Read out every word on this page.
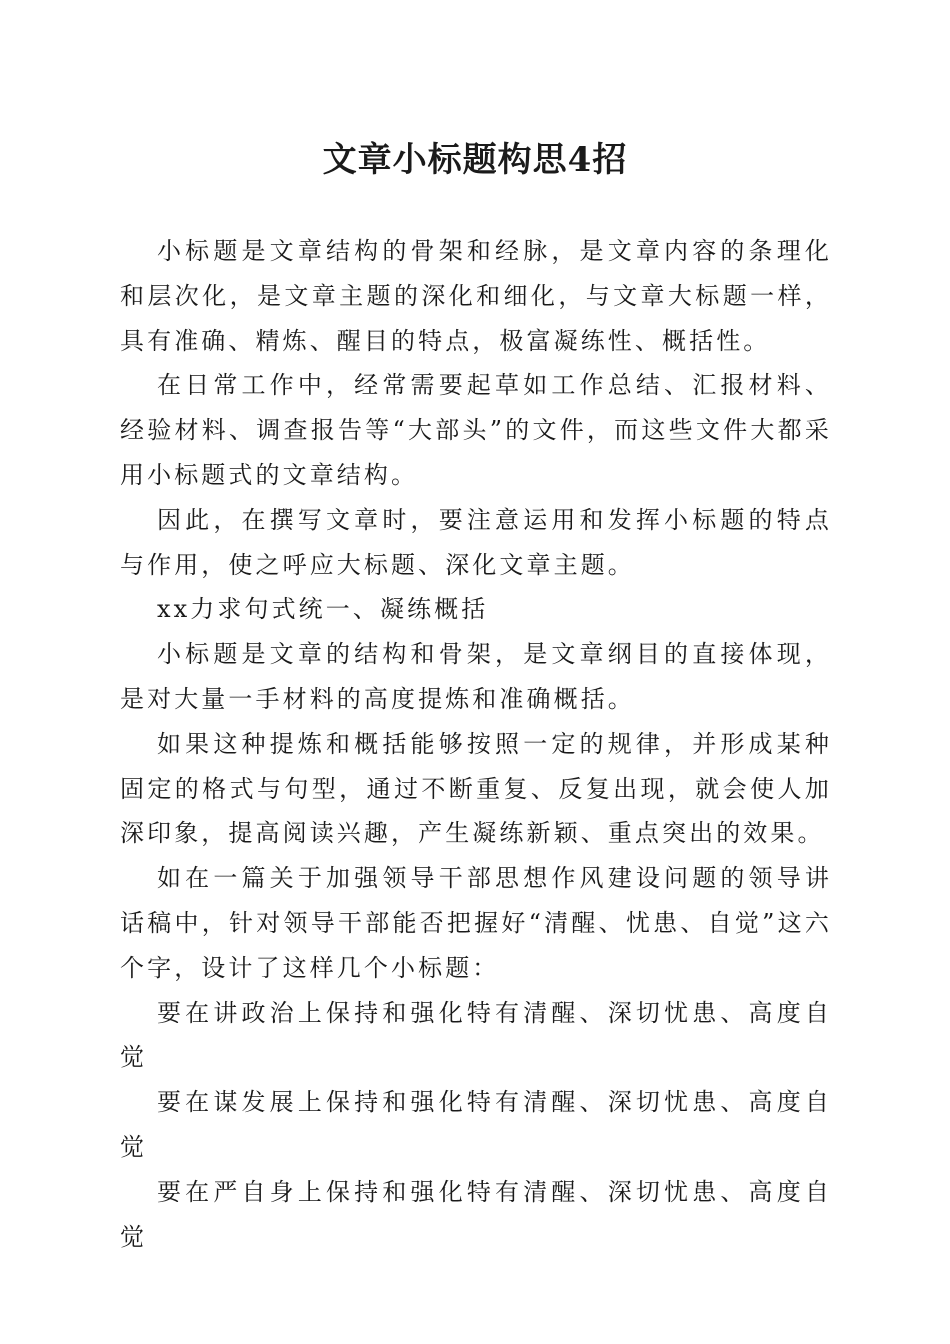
文章小标题构思4招

小标题是文章结构的骨架和经脉，是文章内容的条理化和层次化，是文章主题的深化和细化，与文章大标题一样，具有准确、精炼、醒目的特点，极富凝练性、概括性。

在日常工作中，经常需要起草如工作总结、汇报材料、经验材料、调查报告等“大部头”的文件，而这些文件大都采用小标题式的文章结构。

因此，在撰写文章时，要注意运用和发挥小标题的特点与作用，使之呼应大标题、深化文章主题。

xx力求句式统一、凝练概括

小标题是文章的结构和骨架，是文章纲目的直接体现，是对大量一手材料的高度提炼和准确概括。

如果这种提炼和概括能够按照一定的规律，并形成某种固定的格式与句型，通过不断重复、反复出现，就会使人加深印象，提高阅读兴趣，产生凝练新颖、重点突出的效果。

如在一篇关于加强领导干部思想作风建设问题的领导讲话稿中，针对领导干部能否把握好“清醒、忧患、自觉”这六个字，设计了这样几个小标题：

要在讲政治上保持和强化特有清醒、深切忧患、高度自觉

要在谋发展上保持和强化特有清醒、深切忧患、高度自觉

要在严自身上保持和强化特有清醒、深切忧患、高度自觉
